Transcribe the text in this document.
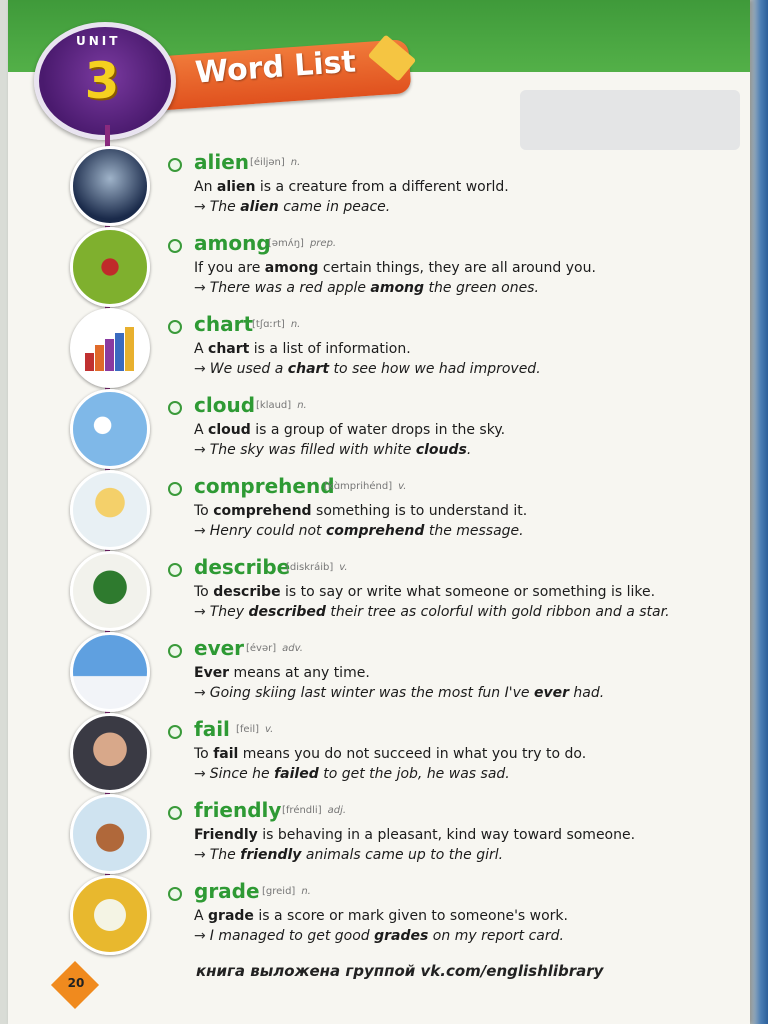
Word List
UNIT
3
alien [éiljən] n.
An alien is a creature from a different world.
→ The alien came in peace.
among
[əmʌ́ŋ] prep.
If you are among certain things, they are all around you.
→ There was a red apple among the green ones.
chart
[tʃɑːrt] n.
A chart is a list of information.
→ We used a chart to see how we had improved.
cloud [klaud] n.
A cloud is a group of water drops in the sky.
→ The sky was filled with white clouds.
comprehend
[kɑ̀mprihénd] v.
To comprehend something is to understand it.
→ Henry could not comprehend the message.
describe
[diskráib] v.
To describe is to say or write what someone or something is like.
→ They described their tree as colorful with gold ribbon and a star.
ever [évər] adv.
Ever means at any time.
→ Going skiing last winter was the most fun I've ever had.
fail [feil] v.
To fail means you do not succeed in what you try to do.
→ Since he failed to get the job, he was sad.
friendly [fréndli] adj.
Friendly is behaving in a pleasant, kind way toward someone.
→ The friendly animals came up to the girl.
grade [greid] n.
A grade is a score or mark given to someone's work.
→ I managed to get good grades on my report card.
книга выложена группой vk.com/englishlibrary
20
